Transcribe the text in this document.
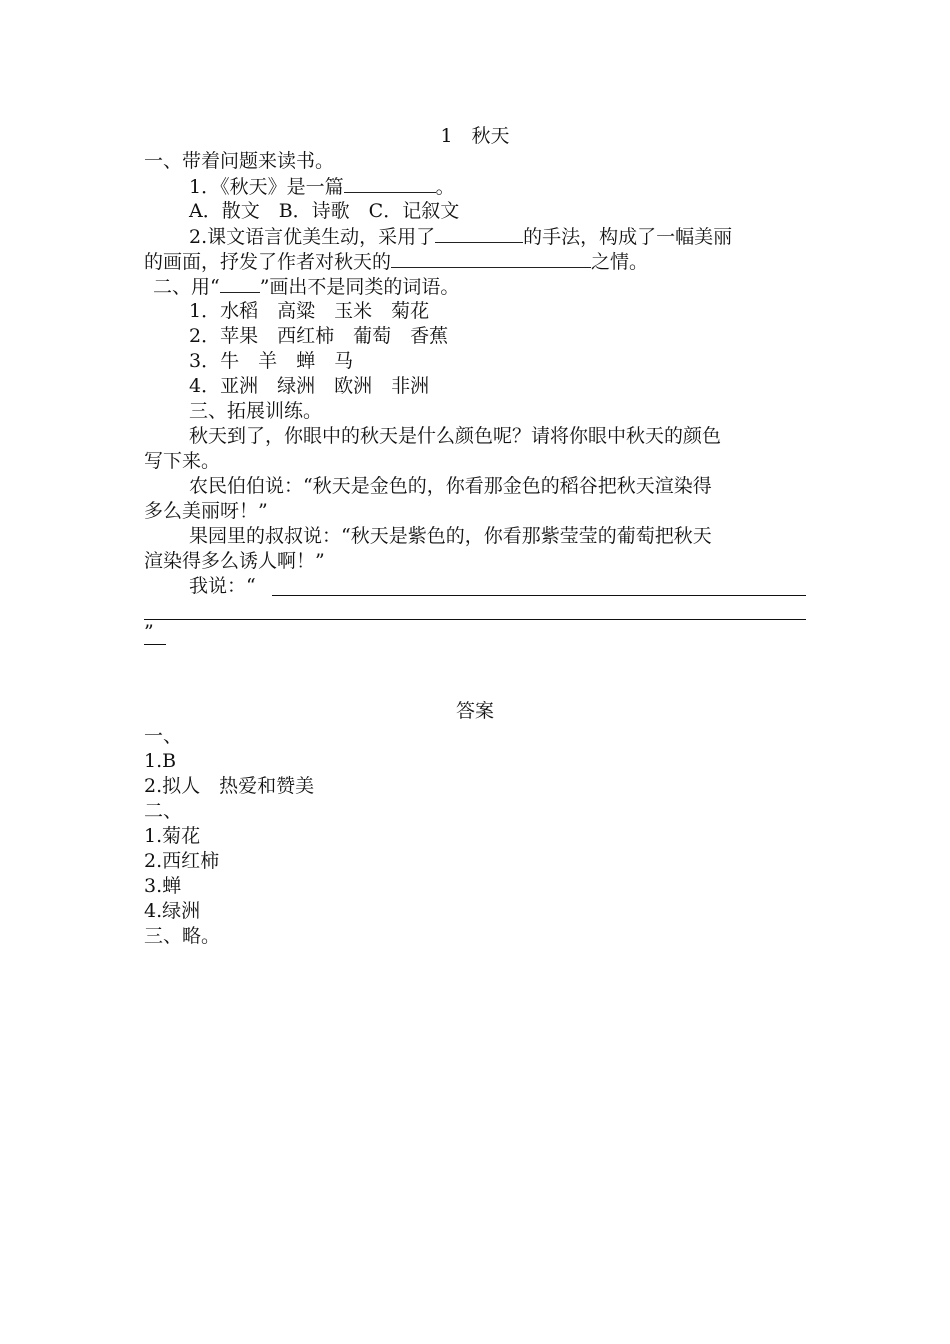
1　秋天
一、带着问题来读书。
1．《秋天》是一篇	。
A．散文　B．诗歌　C．记叙文
2.课文语言优美生动，采用了	的手法，构成了一幅美丽
的画面，抒发了作者对秋天的	之情。
二、用“ ”画出不是同类的词语。
1．水稻　高粱　玉米　菊花
2．苹果　西红柿　葡萄　香蕉
3．牛　羊　蝉　马
4．亚洲　绿洲　欧洲　非洲
三、拓展训练。
秋天到了，你眼中的秋天是什么颜色呢？请将你眼中秋天的颜色
写下来。
农民伯伯说：“秋天是金色的，你看那金色的稻谷把秋天渲染得
多么美丽呀！”
果园里的叔叔说：“秋天是紫色的，你看那紫莹莹的葡萄把秋天
渲染得多么诱人啊！”
我说：“
”
答案
一、
1.B
2.拟人　热爱和赞美
二、
1.菊花
2.西红柿
3.蝉
4.绿洲
三、略。
